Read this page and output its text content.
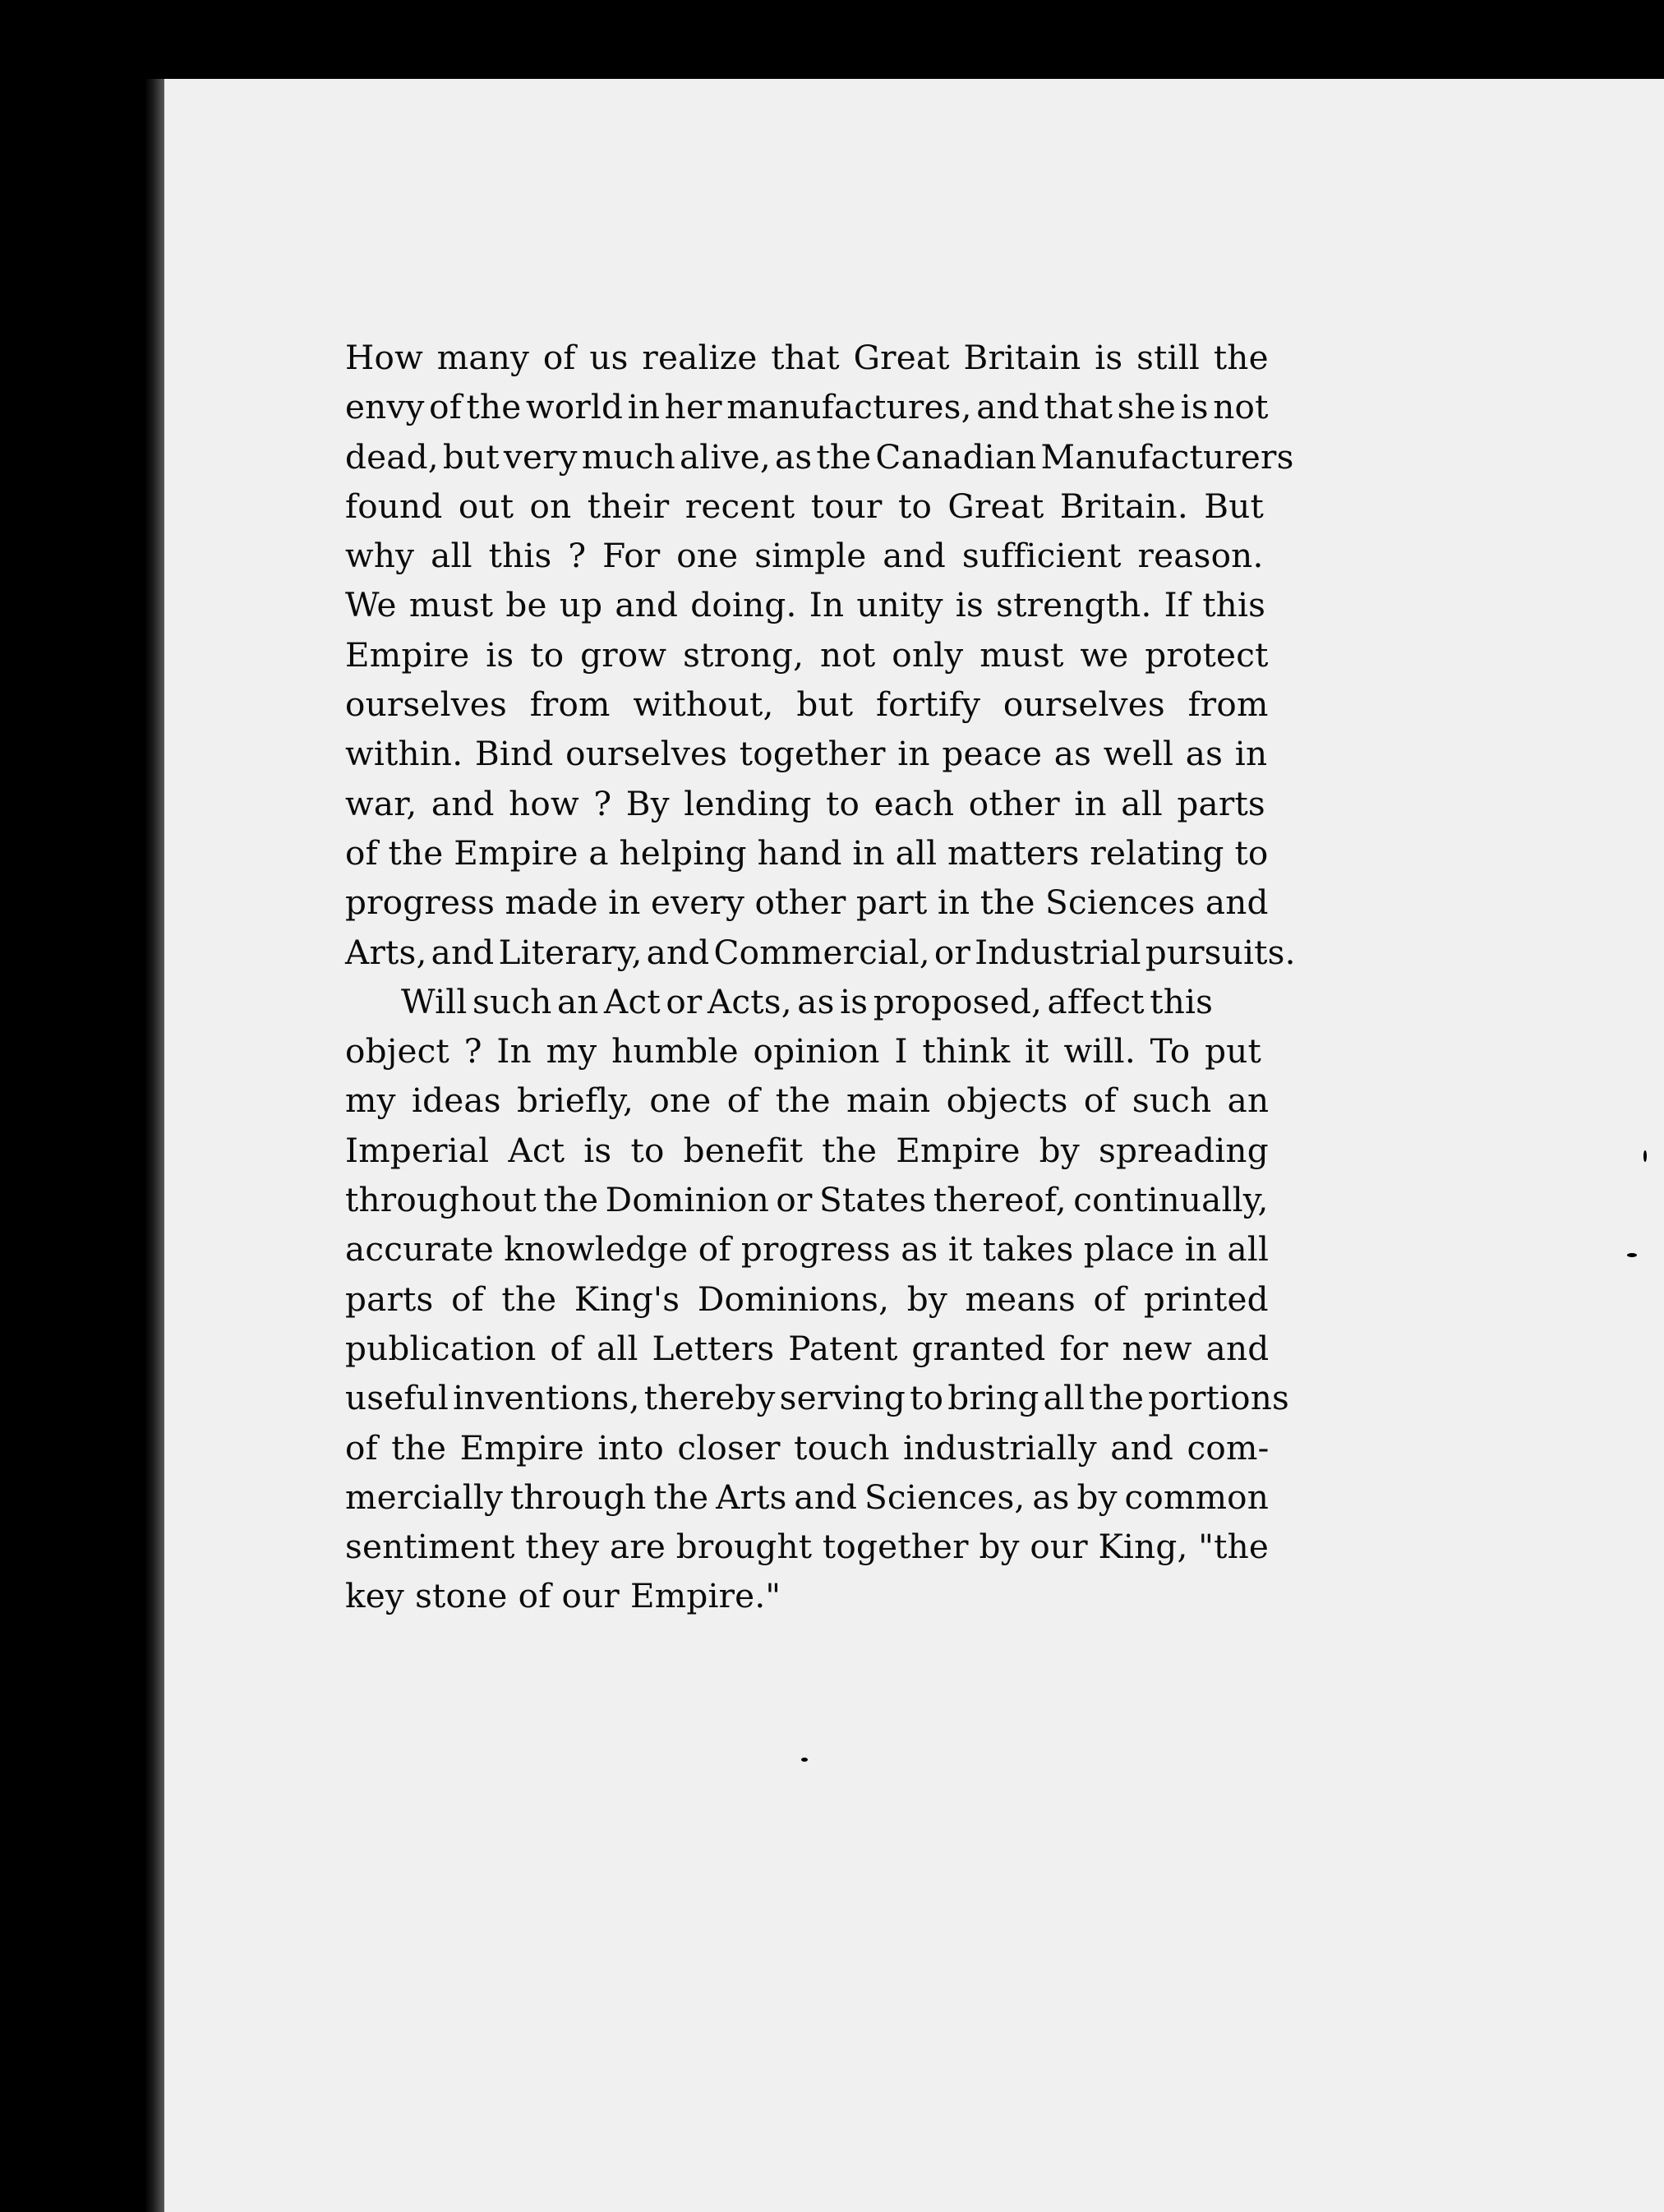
How many of us realize that Great Britain is still the
envy of the world in her manufactures, and that she is not
dead, but very much alive, as the Canadian Manufacturers
found out on their recent tour to Great Britain. But
why all this ? For one simple and sufficient reason.
We must be up and doing. In unity is strength. If this
Empire is to grow strong, not only must we protect
ourselves from without, but fortify ourselves from
within. Bind ourselves together in peace as well as in
war, and how ? By lending to each other in all parts
of the Empire a helping hand in all matters relating to
progress made in every other part in the Sciences and
Arts, and Literary, and Commercial, or Industrial pursuits.

Will such an Act or Acts, as is proposed, affect this
object ? In my humble opinion I think it will. To put
my ideas briefly, one of the main objects of such an
Imperial Act is to benefit the Empire by spreading
throughout the Dominion or States thereof, continually,
accurate knowledge of progress as it takes place in all
parts of the King's Dominions, by means of printed
publication of all Letters Patent granted for new and
useful inventions, thereby serving to bring all the portions
of the Empire into closer touch industrially and com-
mercially through the Arts and Sciences, as by common
sentiment they are brought together by our King, "the
key stone of our Empire."
